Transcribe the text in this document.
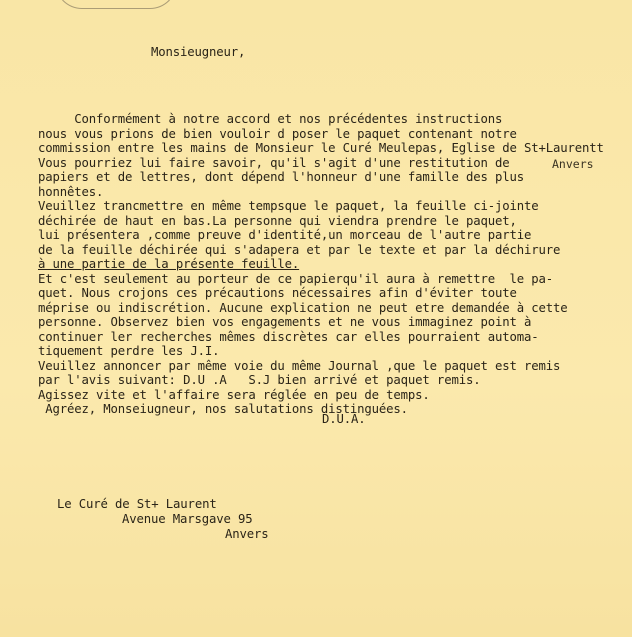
Monsieugneur,
Conformément à notre accord et nos précédentes instructions
nous vous prions de bien vouloir d poser le paquet contenant notre
commission entre les mains de Monsieur le Curé Meulepas, Eglise de St+Laurentt
Vous pourriez lui faire savoir, qu'il s'agit d'une restitution de
papiers et de lettres, dont dépend l'honneur d'une famille des plus
honnêtes.
Veuillez trancmettre en même tempsque le paquet, la feuille ci-jointe
déchirée de haut en bas.La personne qui viendra prendre le paquet,
lui présentera ,comme preuve d'identité,un morceau de l'autre partie
de la feuille déchirée qui s'adapera et par le texte et par la déchirure
à une partie de la présente feuille.
Et c'est seulement au porteur de ce papierqu'il aura à remettre  le pa-
quet. Nous crojons ces précautions nécessaires afin d'éviter toute
méprise ou indiscrétion. Aucune explication ne peut etre demandée à cette
personne. Observez bien vos engagements et ne vous immaginez point à
continuer ler recherches mêmes discrètes car elles pourraient automa-
tiquement perdre les J.I.
Veuillez annoncer par même voie du même Journal ,que le paquet est remis
par l'avis suivant: D.U .A   S.J bien arrivé et paquet remis.
Agissez vite et l'affaire sera réglée en peu de temps.
Agréez, Monseiugneur, nos salutations distinguées.
Anvers
D.U.A.
Le Curé de St+ Laurent
Avenue Marsgave 95
Anvers
